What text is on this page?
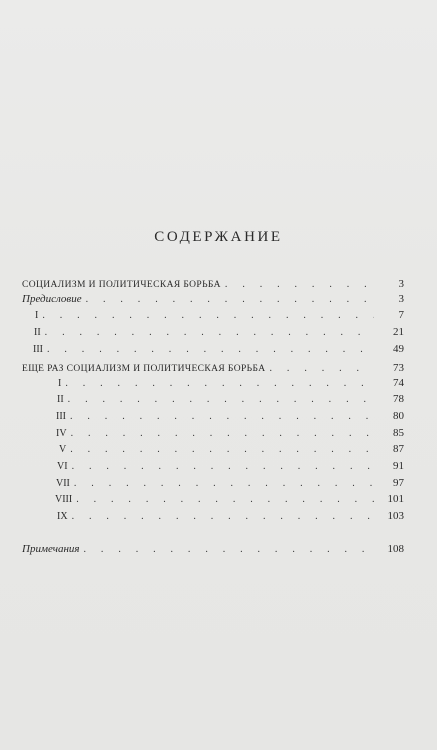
СОДЕРЖАНИЕ
СОЦИАЛИЗМ И ПОЛИТИЧЕСКАЯ БОРЬБА . . .	3
Предисловие . . .	3
I . . .	7
II . . .	21
III . . .	49
ЕЩЕ РАЗ СОЦИАЛИЗМ И ПОЛИТИЧЕСКАЯ БОРЬБА . . .	73
I . . .	74
II . . .	78
III . . .	80
IV . . .	85
V . . .	87
VI . . .	91
VII . . .	97
VIII . . .	101
IX . . .	103
Примечания . . .	108
